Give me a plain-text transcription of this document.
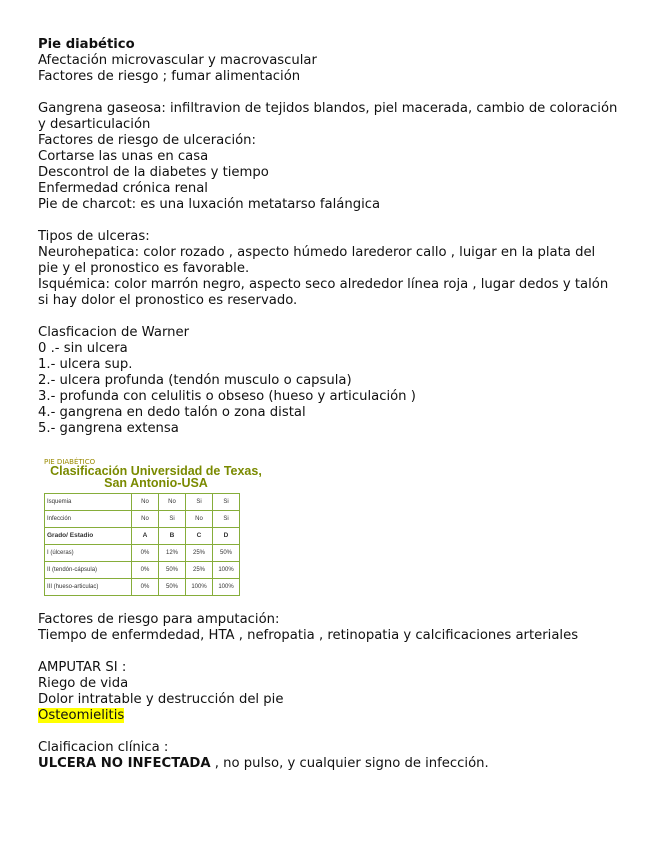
Pie diabético
Afectación microvascular y macrovascular
Factores de riesgo ; fumar alimentación
Gangrena gaseosa: infiltravion de tejidos blandos, piel macerada, cambio de coloración y desarticulación
Factores de riesgo de ulceración:
Cortarse las unas en casa
Descontrol de la diabetes y tiempo
Enfermedad crónica renal
Pie de charcot: es una luxación metatarso falángica
Tipos de ulceras:
Neurohepatica: color rozado , aspecto húmedo larederor callo , luigar en la plata del pie y el pronostico es favorable.
Isquémica: color marrón negro, aspecto seco alrededor línea roja , lugar dedos y talón si hay dolor el pronostico es reservado.
Clasficacion de Warner
0 .- sin ulcera
1.- ulcera sup.
2.- ulcera profunda (tendón musculo o capsula)
3.- profunda con celulitis o obseso (hueso y articulación )
4.- gangrena en dedo talón o zona distal
5.- gangrena extensa
PIE DIABÉTICO
Clasificación Universidad de Texas,
San Antonio-USA
Isquemia	No	No	Si	Si
Infección	No	Si	No	Si
Grado/ Estadio	A	B	C	D
I (úlceras)	0%	12%	25%	50%
II (tendón-cápsula)	0%	50%	25%	100%
III (hueso-articulac)	0%	50%	100%	100%
Factores de riesgo para amputación:
Tiempo de enfermdedad, HTA , nefropatia , retinopatia y calcificaciones arteriales
AMPUTAR SI :
Riego de vida
Dolor intratable y destrucción del pie
Osteomielitis
Claificacion clínica :
ULCERA NO INFECTADA , no pulso, y cualquier signo de infección.
